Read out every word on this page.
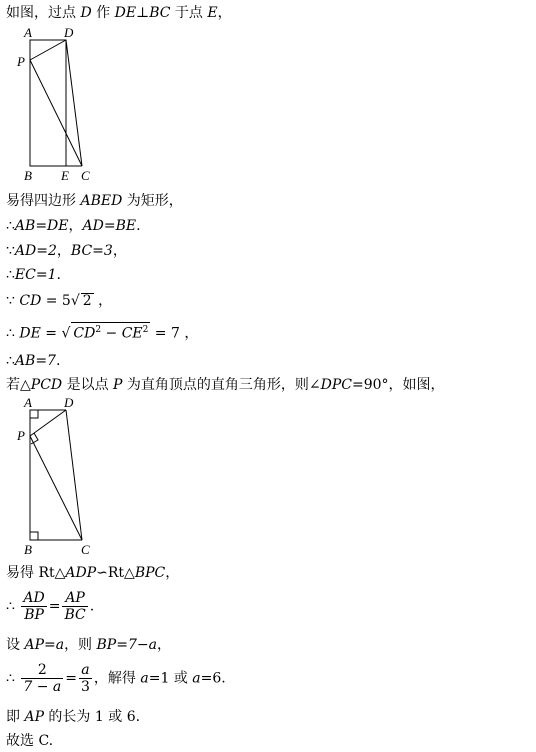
如图，过点 D 作 DE⊥BC 于点 E，
A D
P
B E C
易得四边形 ABED 为矩形，
∴AB=DE，AD=BE.
∵AD=2，BC=3，
∴EC=1.
∵ CD = 5√ 2 ，
∴ DE = √ $CD^2 - CE^2 = 7$ ，
∴AB=7.
若△PCD 是以点 P 为直角顶点的直角三角形，则∠DPC=90°，如图，
A D
P
B	C
易得 Rt△ADP∽Rt△BPC，
∴ $\frac{AD}{BP} = \frac{AP}{BC}$ .
设 AP=a，则 BP=7−a，
∴ $\frac{2}{7 - a} = \frac{a}{3}$ ，解得 a=1 或 a=6.
即 AP 的长为 1 或 6.
故选 C.
